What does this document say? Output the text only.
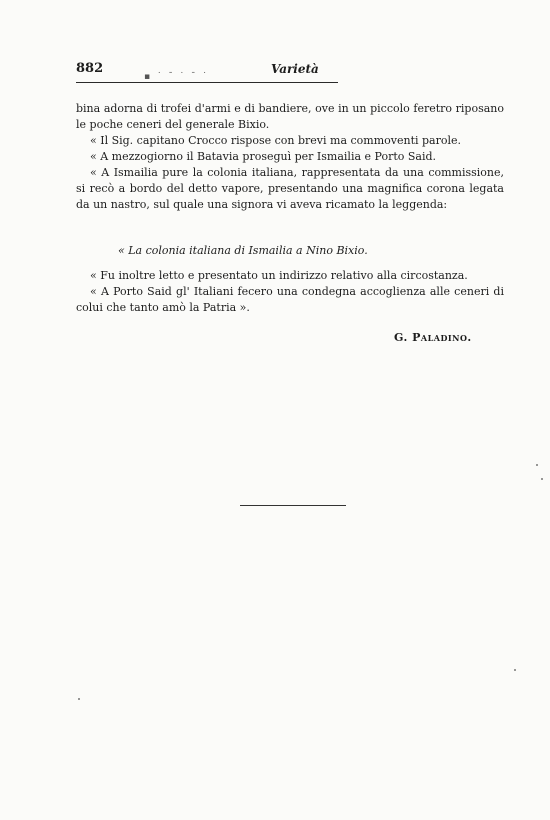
882	Varietà
▪ ˙ ˉ ˙ ˉ ˙

bina adorna di trofei d'armi e di bandiere, ove in un piccolo feretro riposano le poche ceneri del generale Bixio.

« Il Sig. capitano Crocco rispose con brevi ma commoventi parole.

« A mezzogiorno il Batavia proseguì per Ismailia e Porto Said.

« A Ismailia pure la colonia italiana, rappresentata da una commissione, si recò a bordo del detto vapore, presentando una magnifica corona legata da un nastro, sul quale una signora vi aveva ricamato la leggenda:

« La colonia italiana di Ismailia a Nino Bixio.

« Fu inoltre letto e presentato un indirizzo relativo alla circostanza.

« A Porto Said gl' Italiani fecero una condegna accoglienza alle ceneri di colui che tanto amò la Patria ».

G. Paladino.
